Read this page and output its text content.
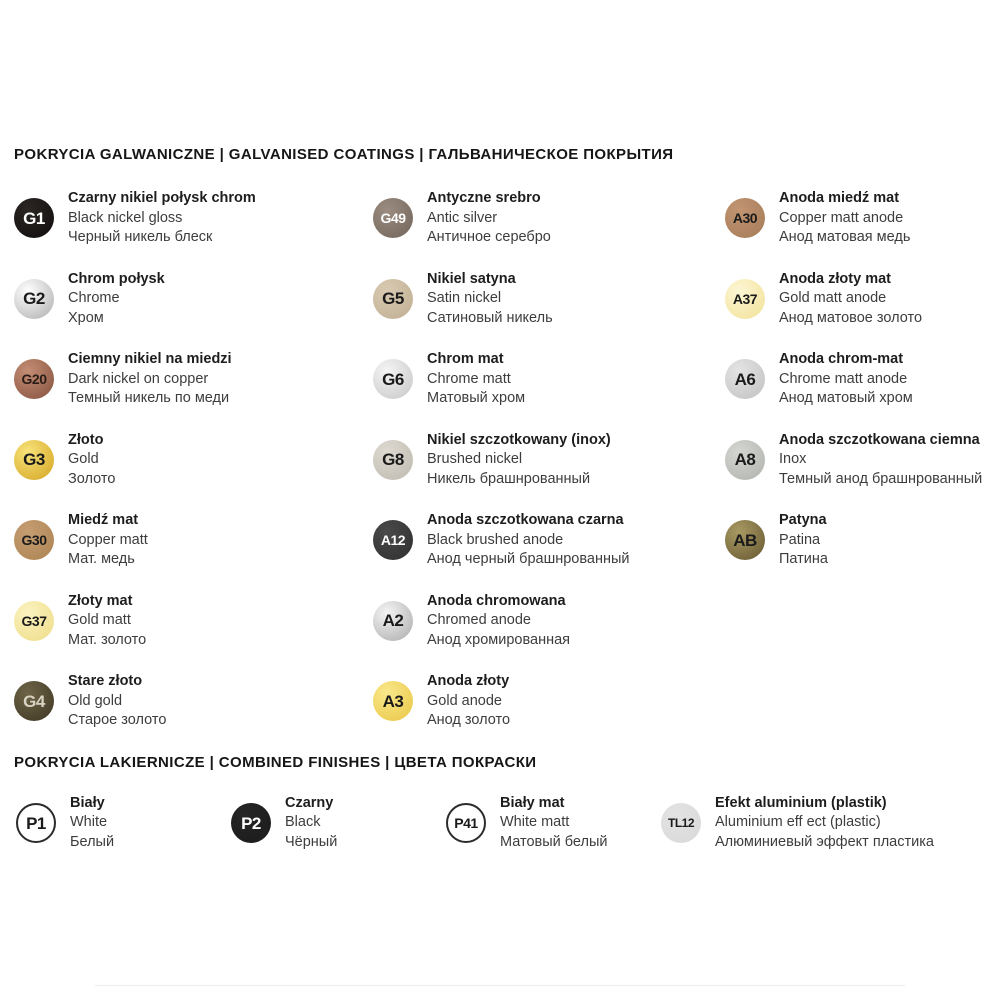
POKRYCIA GALWANICZNE | GALVANISED COATINGS | ГАЛЬВАНИЧЕСКОЕ ПОКРЫТИЯ
G1
Czarny nikiel połysk chrom
Black nickel gloss
Черный никель блеск
G2
Chrom połysk
Chrome
Хром
G20
Ciemny nikiel na miedzi
Dark nickel on copper
Темный никель по меди
G3
Złoto
Gold
Золото
G30
Miedź mat
Copper matt
Мат. медь
G37
Złoty mat
Gold matt
Мат. золото
G4
Stare złoto
Old gold
Старое золото
G49
Antyczne srebro
Antic silver
Античное серебро
G5
Nikiel satyna
Satin nickel
Сатиновый никель
G6
Chrom mat
Chrome matt
Матовый хром
G8
Nikiel szczotkowany (inox)
Brushed nickel
Никель брашнрованный
A12
Anoda szczotkowana czarna
Black brushed anode
Анод черный брашнрованный
A2
Anoda chromowana
Chromed anode
Анод хромированная
A3
Anoda złoty
Gold anode
Анод золото
A30
Anoda miedź mat
Copper matt anode
Анод матовая медь
A37
Anoda złoty mat
Gold matt anode
Анод матовое золото
A6
Anoda chrom-mat
Chrome matt anode
Анод матовый хром
A8
Anoda szczotkowana ciemna
Inox
Темный анод брашнрованный
AB
Patyna
Patina
Патина
POKRYCIA LAKIERNICZE | COMBINED FINISHES | ЦВЕТА ПОКРАСКИ
P1
Biały
White
Белый
P2
Czarny
Black
Чёрный
P41
Biały mat
White matt
Матовый белый
TL12
Efekt aluminium (plastik)
Aluminium eff ect (plastic)
Алюминиевый эффект пластика
